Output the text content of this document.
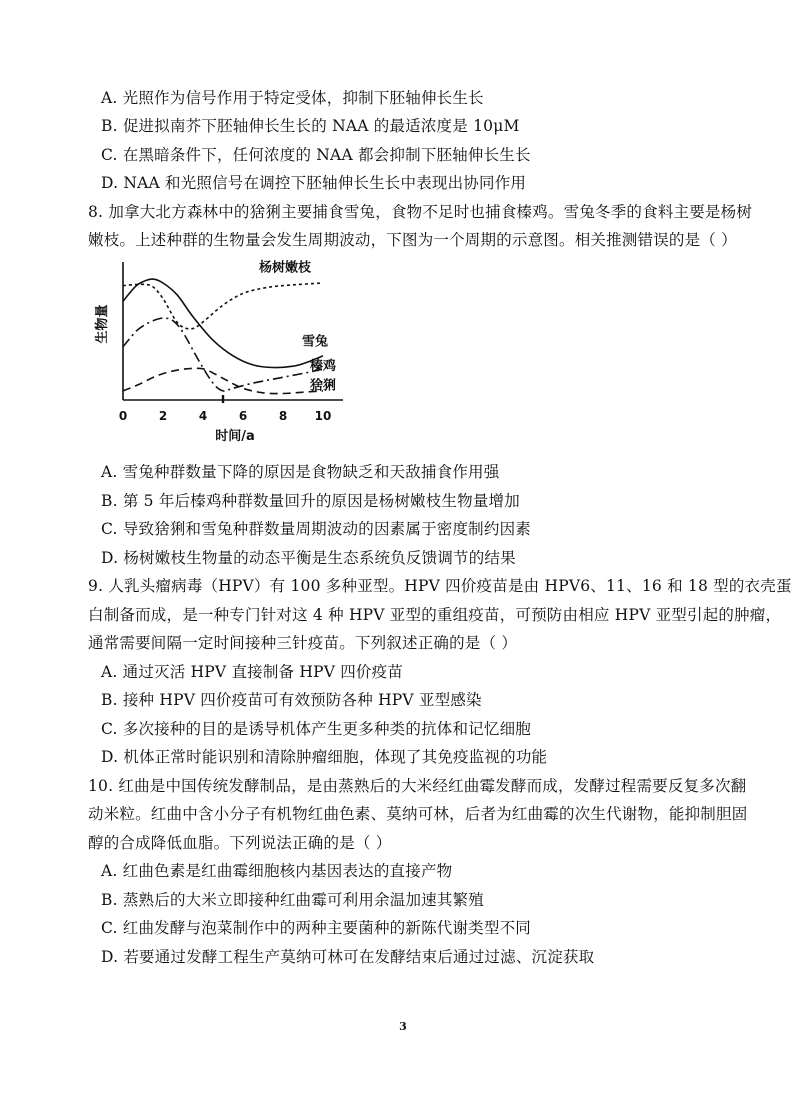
A. 光照作为信号作用于特定受体，抑制下胚轴伸长生长
B. 促进拟南芥下胚轴伸长生长的 NAA 的最适浓度是 10μM
C. 在黑暗条件下，任何浓度的 NAA 都会抑制下胚轴伸长生长
D. NAA 和光照信号在调控下胚轴伸长生长中表现出协同作用
8. 加拿大北方森林中的猞猁主要捕食雪兔，食物不足时也捕食榛鸡。雪兔冬季的食料主要是杨树
嫩枝。上述种群的生物量会发生周期波动，下图为一个周期的示意图。相关推测错误的是（ ）
0	2	4	6	8 10
时间/a
生物量
杨树嫩枝
雪兔
榛鸡
猞猁
A. 雪兔种群数量下降的原因是食物缺乏和天敌捕食作用强
B. 第 5 年后榛鸡种群数量回升的原因是杨树嫩枝生物量增加
C. 导致猞猁和雪兔种群数量周期波动的因素属于密度制约因素
D. 杨树嫩枝生物量的动态平衡是生态系统负反馈调节的结果
9. 人乳头瘤病毒（HPV）有 100 多种亚型。HPV 四价疫苗是由 HPV6、11、16 和 18 型的衣壳蛋
白制备而成，是一种专门针对这 4 种 HPV 亚型的重组疫苗，可预防由相应 HPV 亚型引起的肿瘤，
通常需要间隔一定时间接种三针疫苗。下列叙述正确的是（ ）
A. 通过灭活 HPV 直接制备 HPV 四价疫苗
B. 接种 HPV 四价疫苗可有效预防各种 HPV 亚型感染
C. 多次接种的目的是诱导机体产生更多种类的抗体和记忆细胞
D. 机体正常时能识别和清除肿瘤细胞，体现了其免疫监视的功能
10. 红曲是中国传统发酵制品，是由蒸熟后的大米经红曲霉发酵而成，发酵过程需要反复多次翻
动米粒。红曲中含小分子有机物红曲色素、莫纳可林，后者为红曲霉的次生代谢物，能抑制胆固
醇的合成降低血脂。下列说法正确的是（ ）
A. 红曲色素是红曲霉细胞核内基因表达的直接产物
B. 蒸熟后的大米立即接种红曲霉可利用余温加速其繁殖
C. 红曲发酵与泡菜制作中的两种主要菌种的新陈代谢类型不同
D. 若要通过发酵工程生产莫纳可林可在发酵结束后通过过滤、沉淀获取
3
